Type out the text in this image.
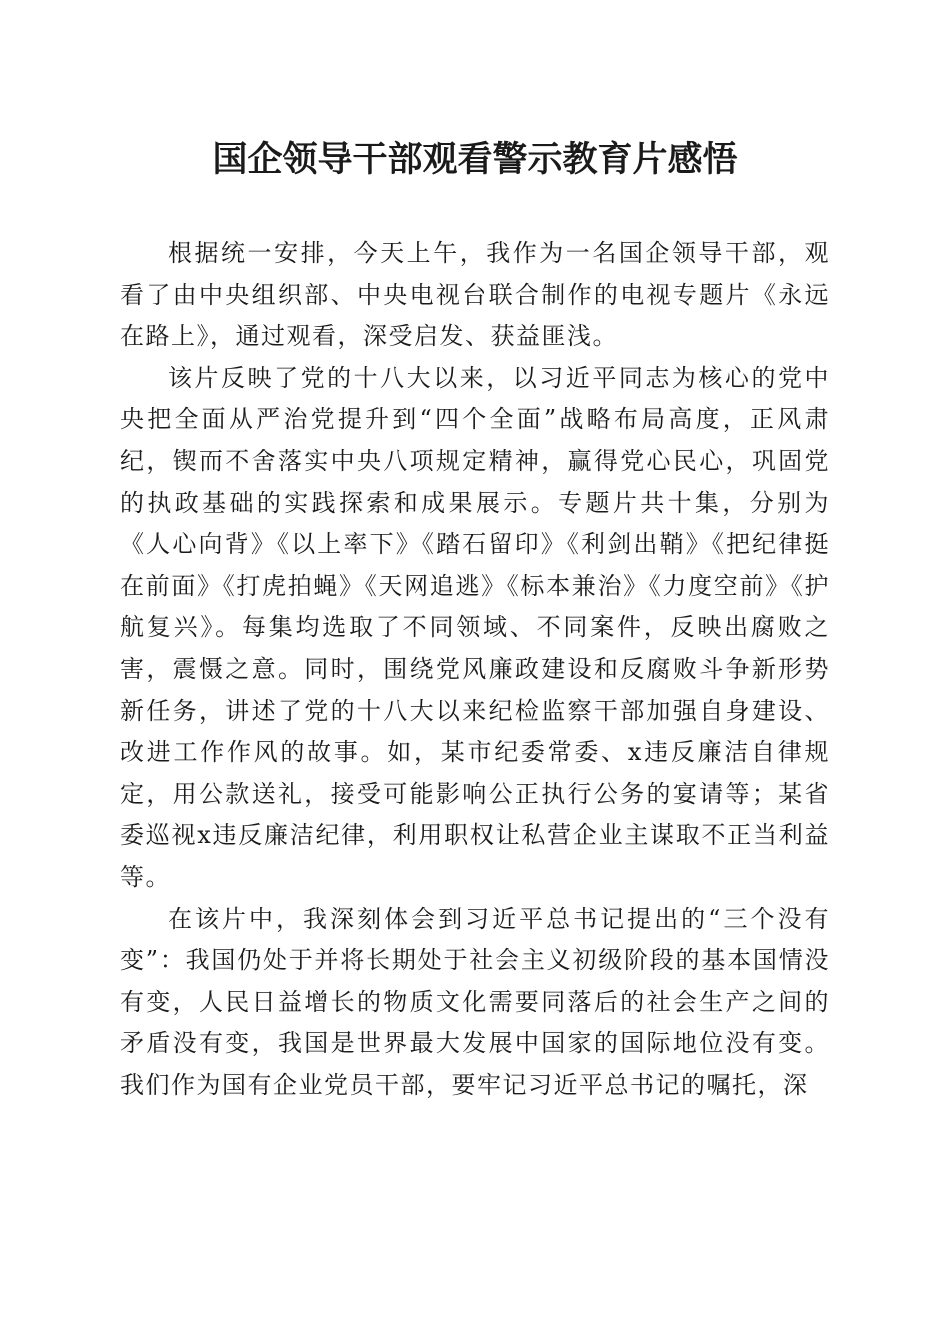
国企领导干部观看警示教育片感悟

根据统一安排，今天上午，我作为一名国企领导干部，观看了由中央组织部、中央电视台联合制作的电视专题片《永远在路上》，通过观看，深受启发、获益匪浅。

该片反映了党的十八大以来，以习近平同志为核心的党中央把全面从严治党提升到“四个全面”战略布局高度，正风肃纪，锲而不舍落实中央八项规定精神，赢得党心民心，巩固党的执政基础的实践探索和成果展示。专题片共十集，分别为《人心向背》《以上率下》《踏石留印》《利剑出鞘》《把纪律挺在前面》《打虎拍蝇》《天网追逃》《标本兼治》《力度空前》《护航复兴》。每集均选取了不同领域、不同案件，反映出腐败之害，震慑之意。同时，围绕党风廉政建设和反腐败斗争新形势新任务，讲述了党的十八大以来纪检监察干部加强自身建设、改进工作作风的故事。如，某市纪委常委、x违反廉洁自律规定，用公款送礼，接受可能影响公正执行公务的宴请等；某省委巡视x违反廉洁纪律，利用职权让私营企业主谋取不正当利益等。

在该片中，我深刻体会到习近平总书记提出的“三个没有变”：我国仍处于并将长期处于社会主义初级阶段的基本国情没有变，人民日益增长的物质文化需要同落后的社会生产之间的矛盾没有变，我国是世界最大发展中国家的国际地位没有变。我们作为国有企业党员干部，要牢记习近平总书记的嘱托，深
